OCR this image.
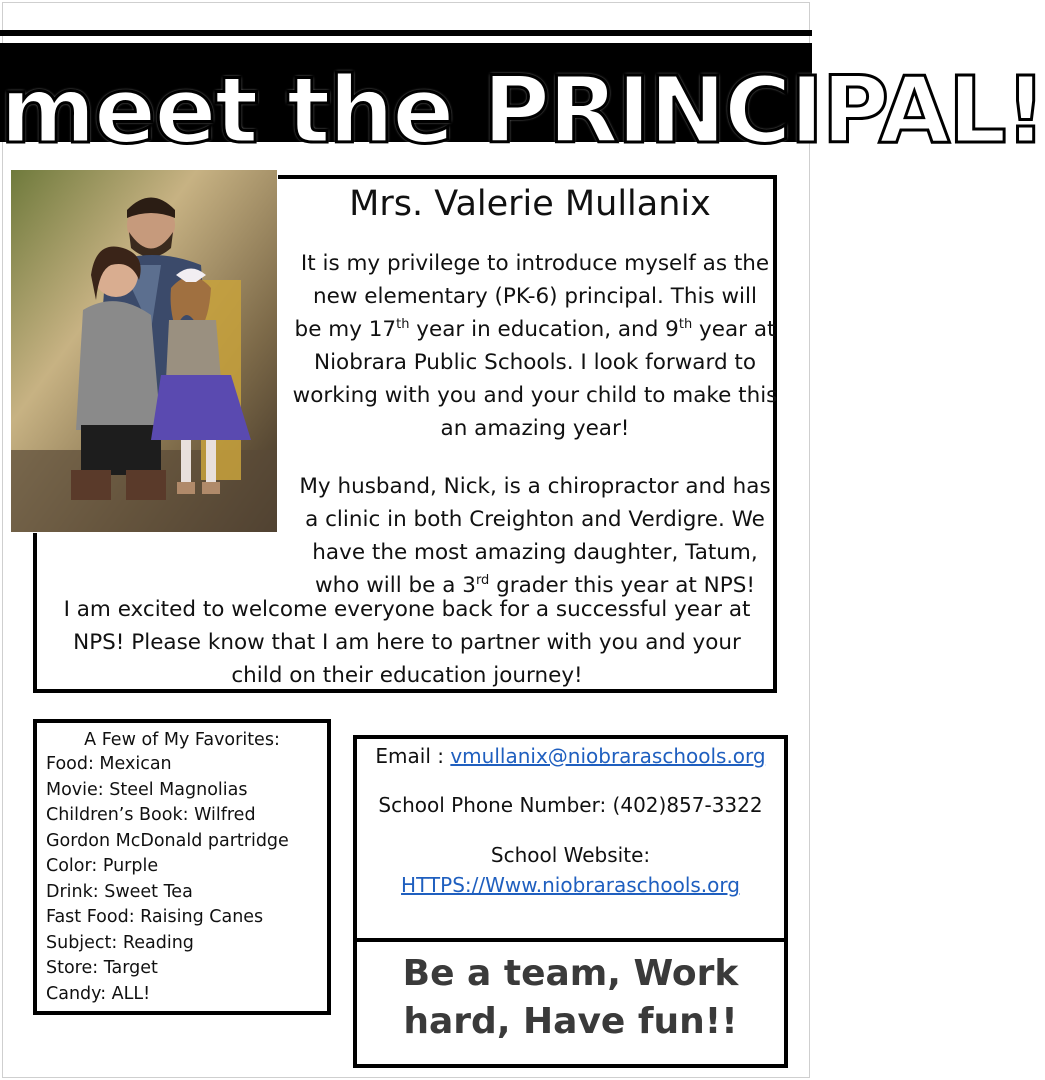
meet the PRINCIPAL!
Mrs. Valerie Mullanix
It is my privilege to introduce myself as the
new elementary (PK-6) principal. This will
be my 17th year in education, and 9th year at
Niobrara Public Schools. I look forward to
working with you and your child to make this
an amazing year!
My husband, Nick, is a chiropractor and has
a clinic in both Creighton and Verdigre. We
have the most amazing daughter, Tatum,
who will be a 3rd grader this year at NPS!
I am excited to welcome everyone back for a successful year at
NPS! Please know that I am here to partner with you and your
child on their education journey!
A Few of My Favorites:
Food: Mexican
Movie: Steel Magnolias
Children’s Book: Wilfred
Gordon McDonald partridge
Color: Purple
Drink: Sweet Tea
Fast Food: Raising Canes
Subject: Reading
Store: Target
Candy: ALL!
Email : vmullanix@niobraraschools.org
School Phone Number: (402)857-3322
School Website:
HTTPS://Www.niobraraschools.org
Be a team, Work
hard, Have fun!!
